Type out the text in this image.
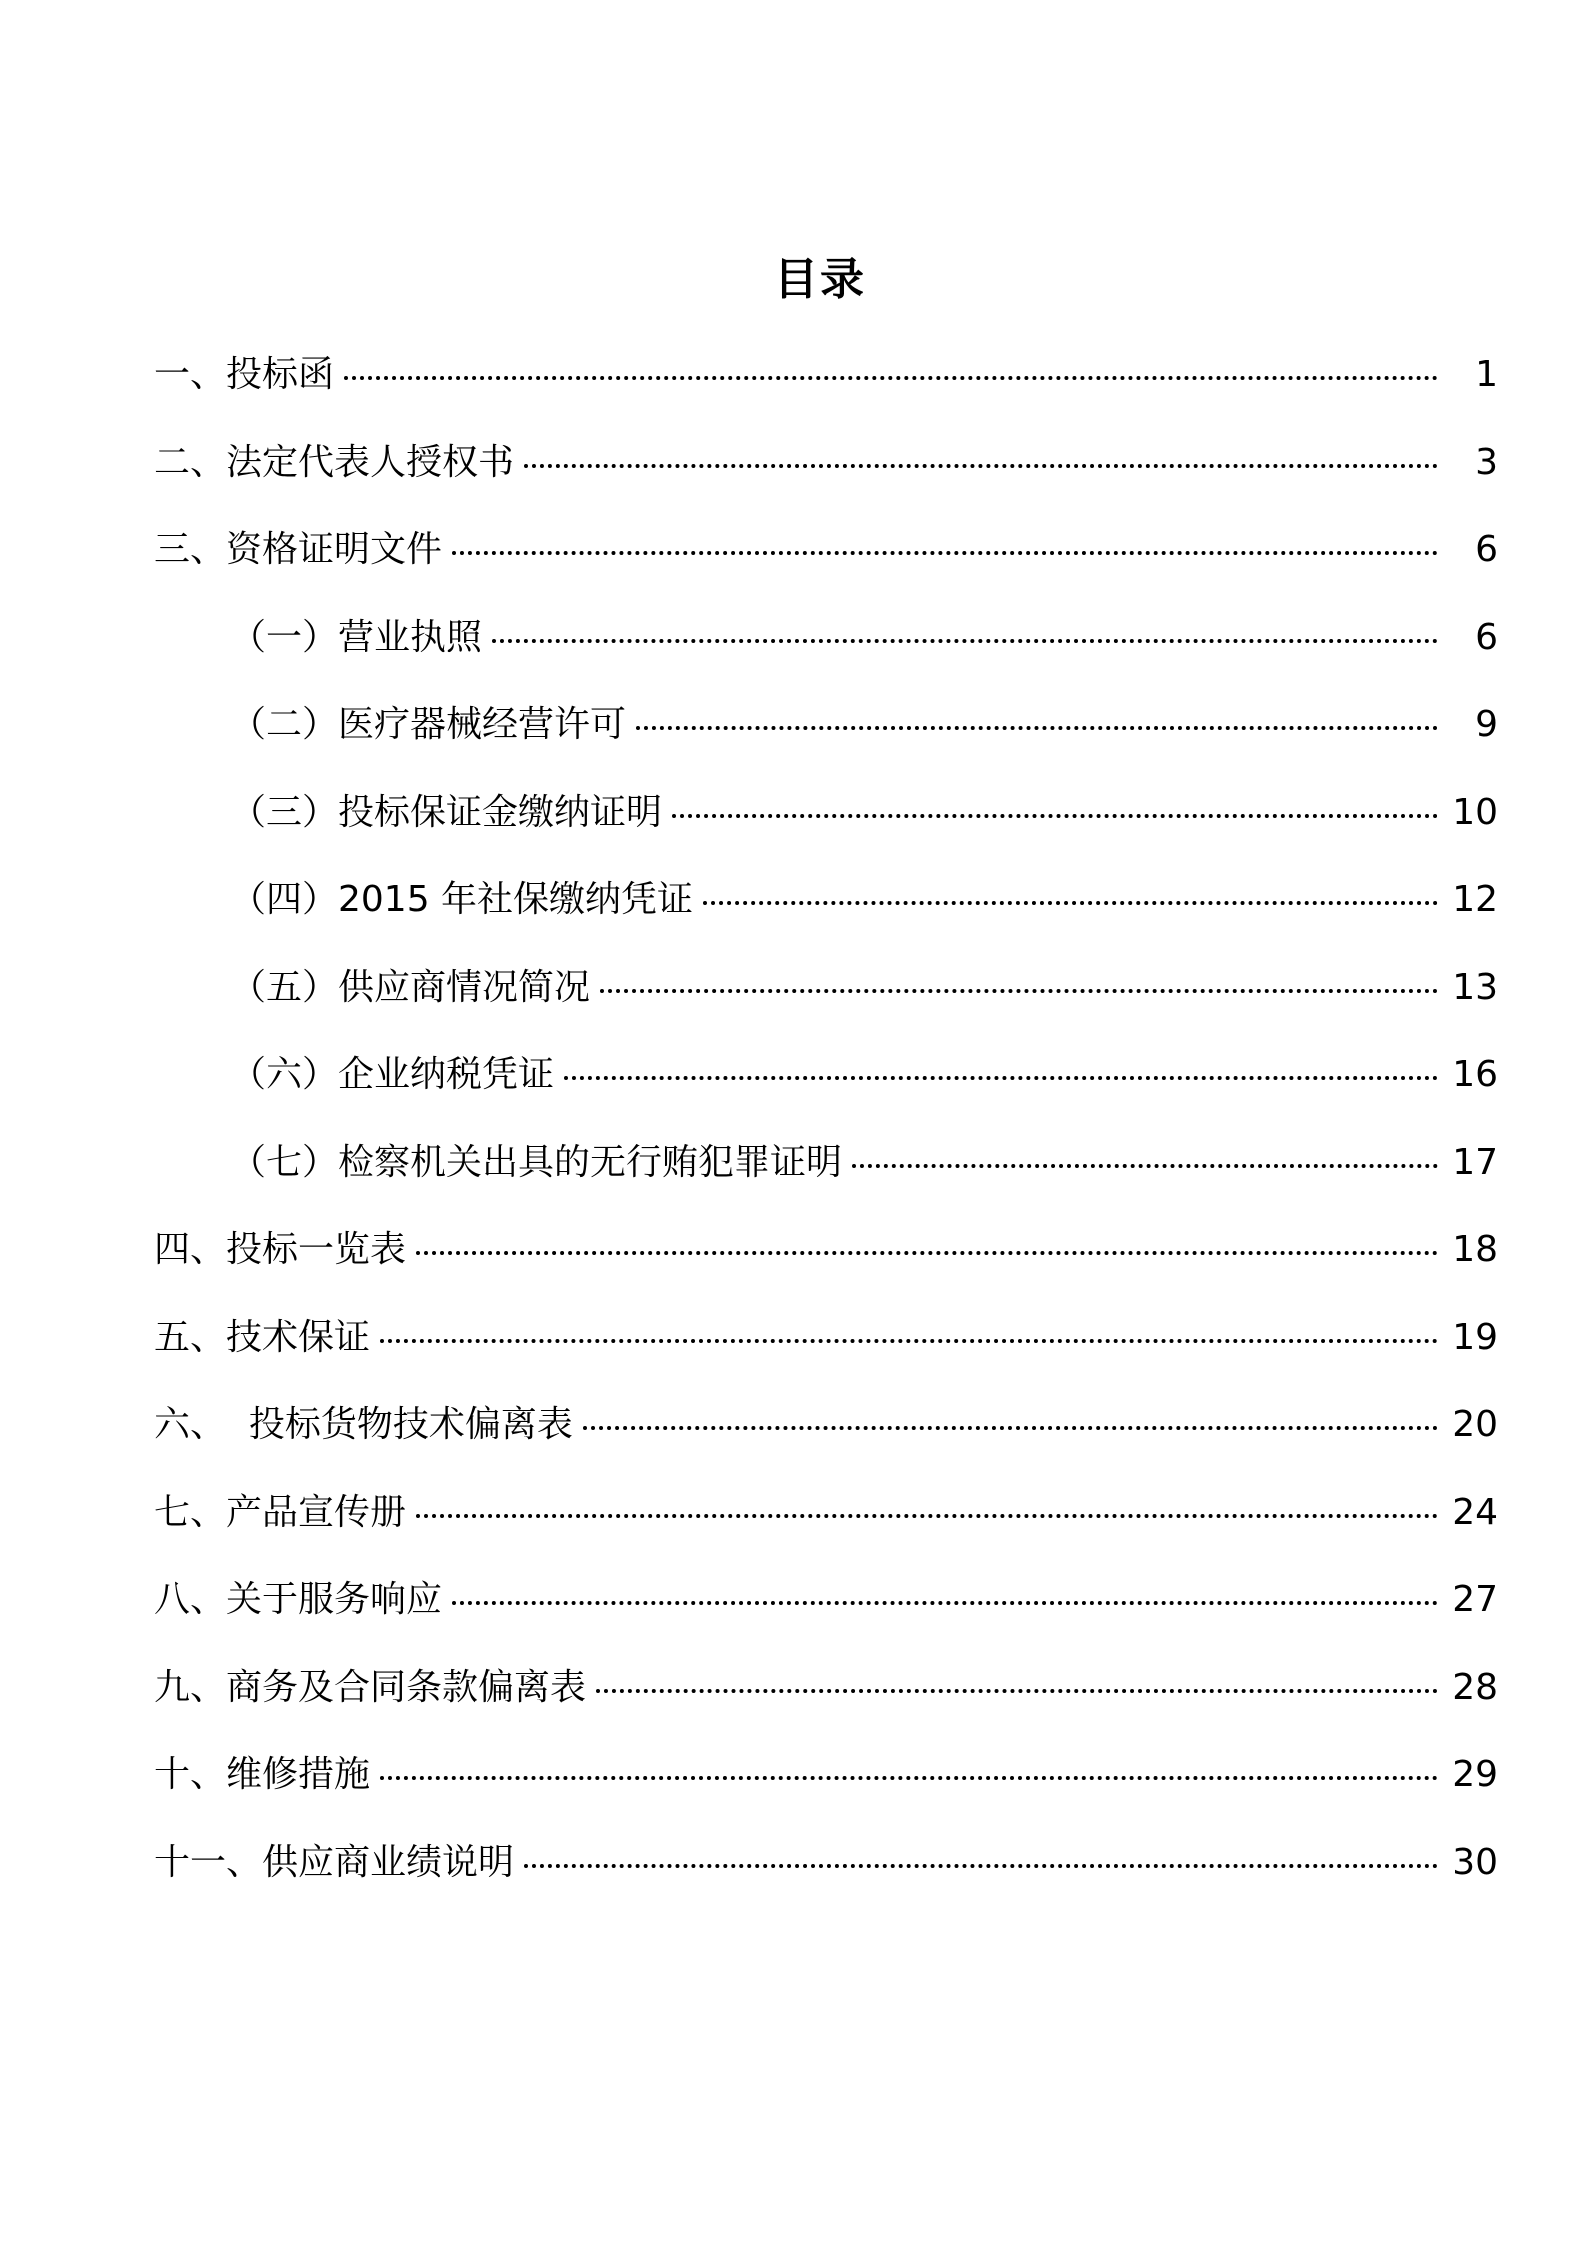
目录
一、投标函	1
二、法定代表人授权书	3
三、资格证明文件	6
（一）营业执照	6
（二）医疗器械经营许可	9
（三）投标保证金缴纳证明	10
（四）2015 年社保缴纳凭证	12
（五）供应商情况简况	13
（六）企业纳税凭证	16
（七）检察机关出具的无行贿犯罪证明	17
四、投标一览表	18
五、技术保证	19
六、  投标货物技术偏离表	20
七、产品宣传册	24
八、关于服务响应	27
九、商务及合同条款偏离表	28
十、维修措施	29
十一、供应商业绩说明	30
